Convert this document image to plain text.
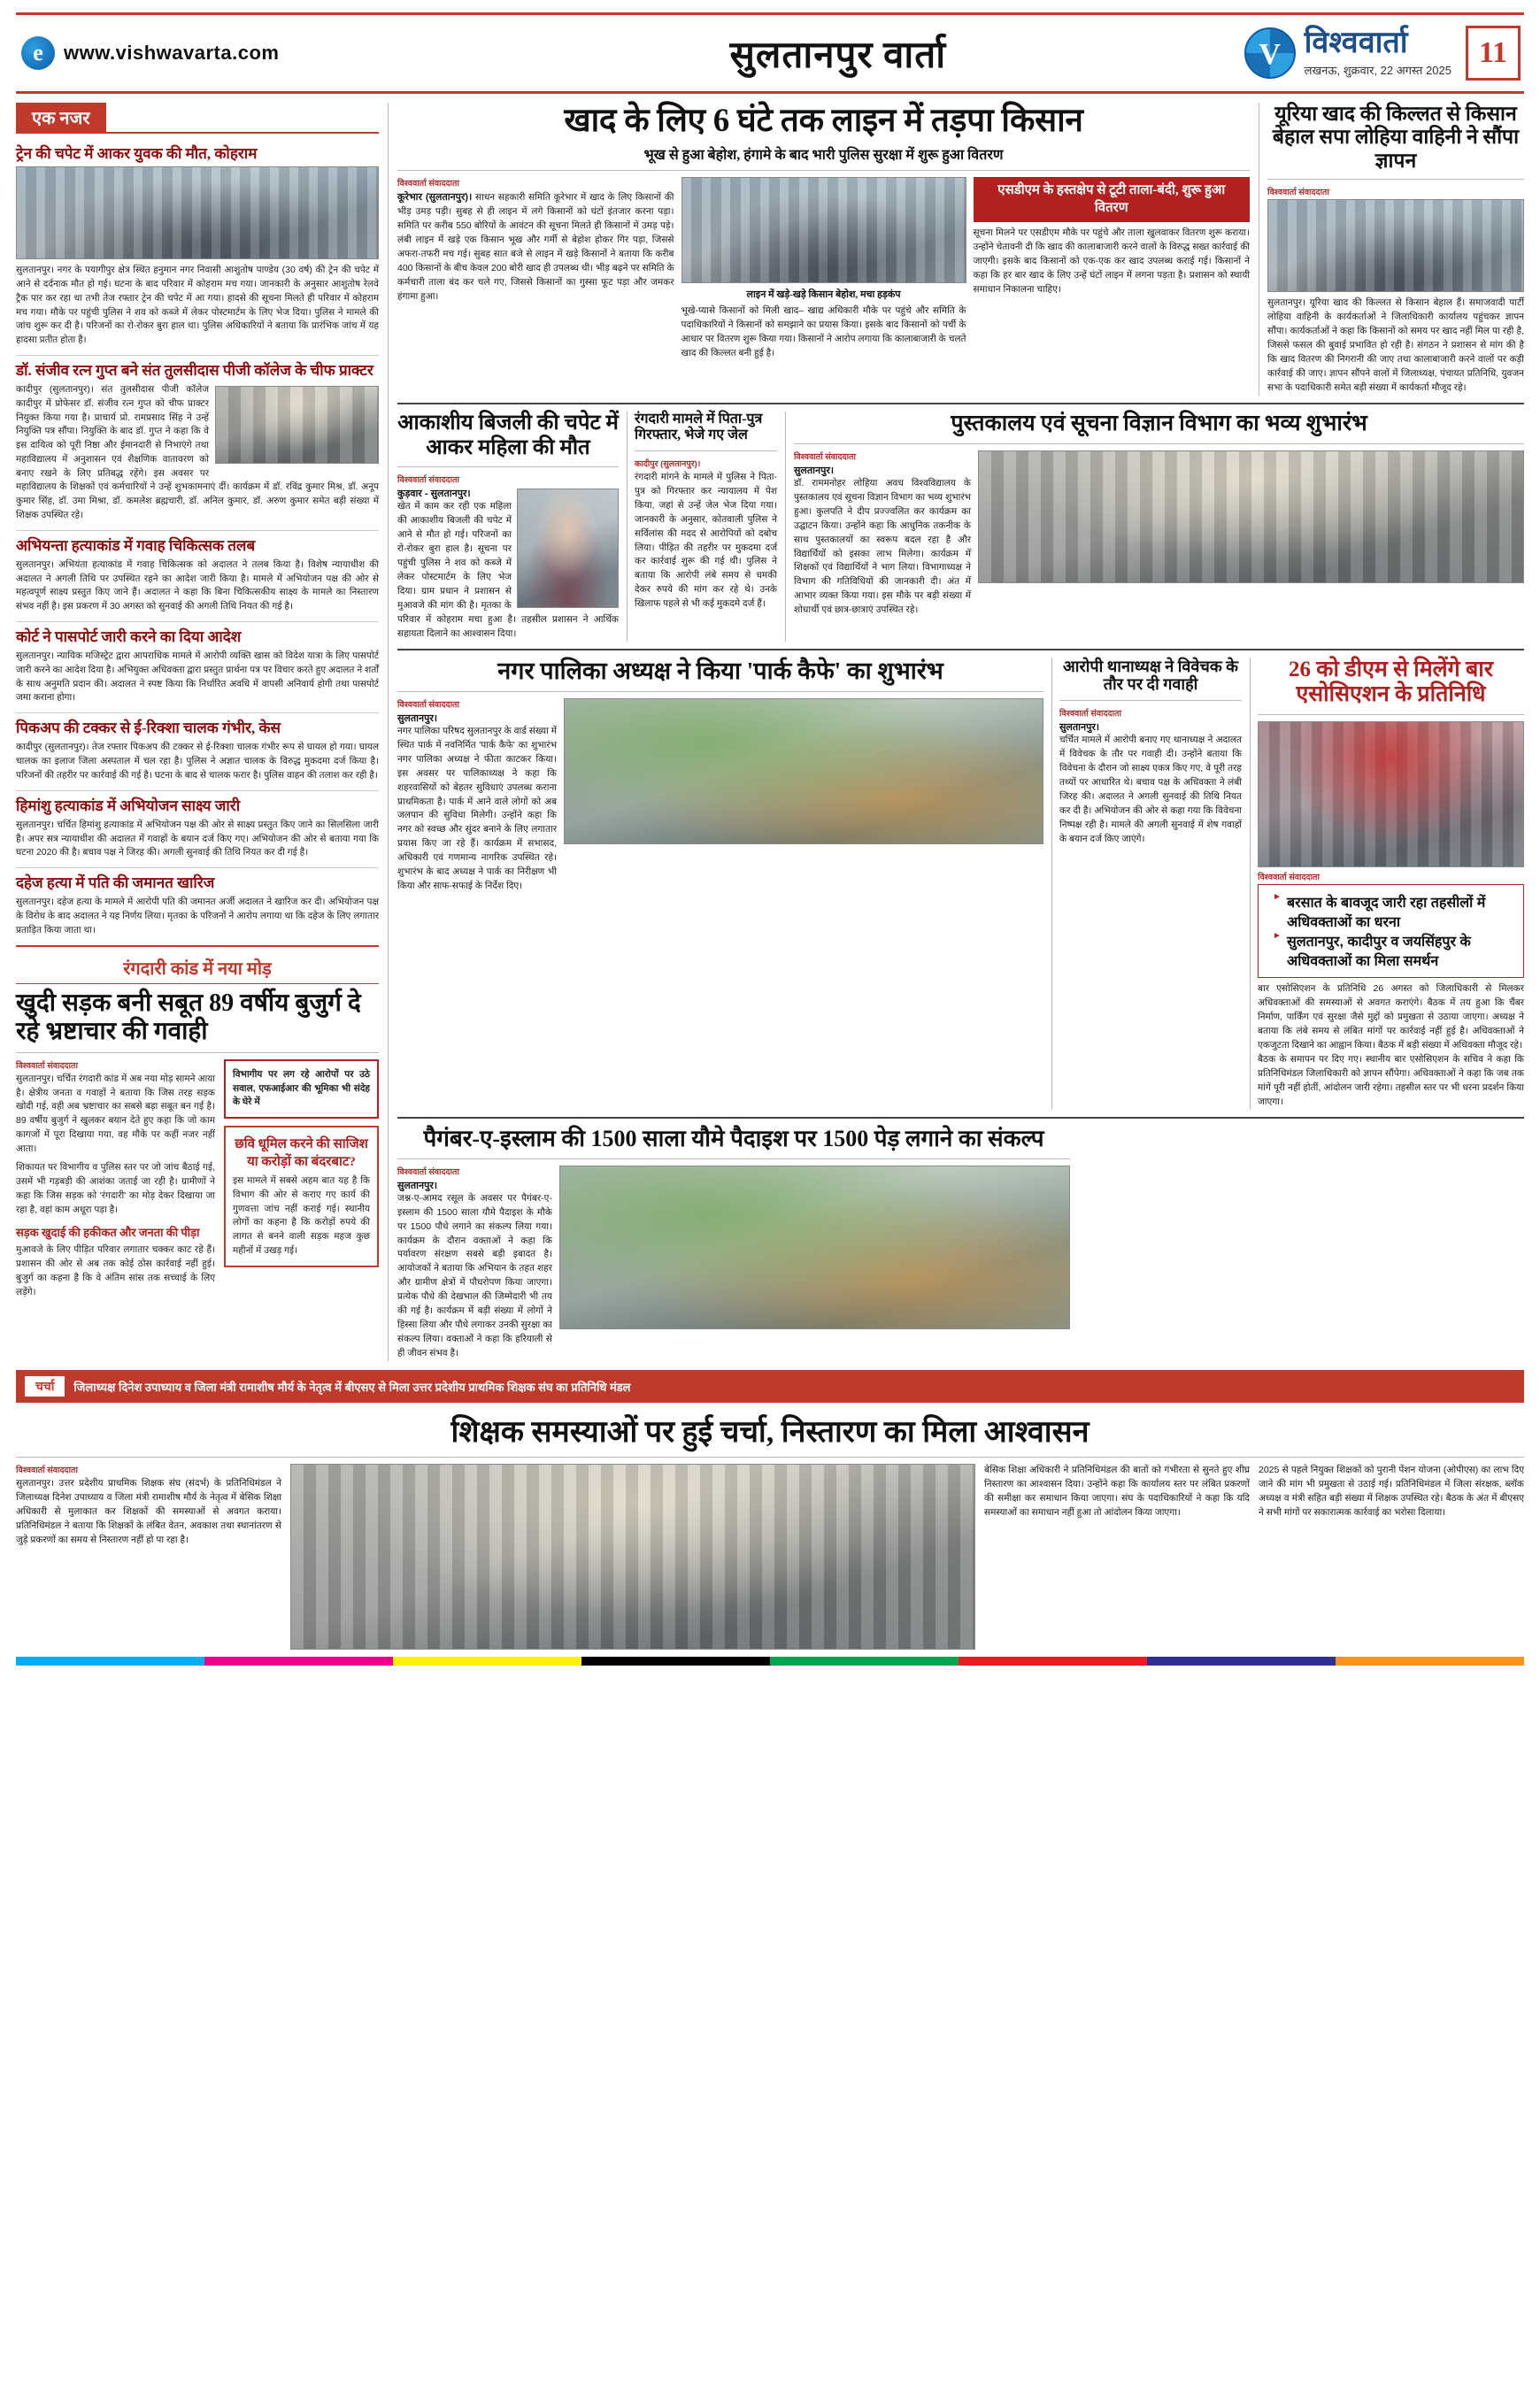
e	www.vishwavarta.com	सुलतानपुर वार्ता	V विश्ववार्ता
लखनऊ, शुक्रवार, 22 अगस्त 2025
11
एक नजर
ट्रेन की चपेट में आकर युवक की मौत, कोहराम
सुलतानपुर। नगर के पयागीपुर क्षेत्र स्थित हनुमान नगर निवासी आशुतोष पाण्डेय (30 वर्ष) की ट्रेन की चपेट में आने से दर्दनाक मौत हो गई। घटना के बाद परिवार में कोहराम मच गया। जानकारी के अनुसार आशुतोष रेलवे ट्रैक पार कर रहा था तभी तेज रफ्तार ट्रेन की चपेट में आ गया। हादसे की सूचना मिलते ही परिवार में कोहराम मच गया। मौके पर पहुंची पुलिस ने शव को कब्जे में लेकर पोस्टमार्टम के लिए भेज दिया। पुलिस ने मामले की जांच शुरू कर दी है। परिजनों का रो-रोकर बुरा हाल था। पुलिस अधिकारियों ने बताया कि प्रारंभिक जांच में यह हादसा प्रतीत होता है।
डॉ. संजीव रत्न गुप्त बने संत तुलसीदास पीजी कॉलेज के चीफ प्राक्टर
कादीपुर (सुलतानपुर)। संत तुलसीदास पीजी कॉलेज कादीपुर में प्रोफेसर डॉ. संजीव रत्न गुप्त को चीफ प्राक्टर नियुक्त किया गया है। प्राचार्य प्रो. रामप्रसाद सिंह ने उन्हें नियुक्ति पत्र सौंपा। नियुक्ति के बाद डॉ. गुप्त ने कहा कि वे इस दायित्व को पूरी निष्ठा और ईमानदारी से निभाएंगे तथा महाविद्यालय में अनुशासन एवं शैक्षणिक वातावरण को बनाए रखने के लिए प्रतिबद्ध रहेंगे। इस अवसर पर महाविद्यालय के शिक्षकों एवं कर्मचारियों ने उन्हें शुभकामनाएं दीं। कार्यक्रम में डॉ. रविंद्र कुमार मिश्र, डॉ. अनूप कुमार सिंह, डॉ. उमा मिश्रा, डॉ. कमलेश ब्रह्मचारी, डॉ. अनिल कुमार, डॉ. अरुण कुमार समेत बड़ी संख्या में शिक्षक उपस्थित रहे।
अभियन्ता हत्याकांड में गवाह चिकित्सक तलब
सुलतानपुर। अभियंता हत्याकांड में गवाह चिकित्सक को अदालत ने तलब किया है। विशेष न्यायाधीश की अदालत ने अगली तिथि पर उपस्थित रहने का आदेश जारी किया है। मामले में अभियोजन पक्ष की ओर से महत्वपूर्ण साक्ष्य प्रस्तुत किए जाने हैं। अदालत ने कहा कि बिना चिकित्सकीय साक्ष्य के मामले का निस्तारण संभव नहीं है। इस प्रकरण में 30 अगस्त को सुनवाई की अगली तिथि नियत की गई है।
कोर्ट ने पासपोर्ट जारी करने का दिया आदेश
सुलतानपुर। न्यायिक मजिस्ट्रेट द्वारा आपराधिक मामले में आरोपी व्यक्ति खास को विदेश यात्रा के लिए पासपोर्ट जारी करने का आदेश दिया है। अभियुक्त अधिवक्ता द्वारा प्रस्तुत प्रार्थना पत्र पर विचार करते हुए अदालत ने शर्तों के साथ अनुमति प्रदान की। अदालत ने स्पष्ट किया कि निर्धारित अवधि में वापसी अनिवार्य होगी तथा पासपोर्ट जमा कराना होगा।
पिकअप की टक्कर से ई-रिक्शा चालक गंभीर, केस
कादीपुर (सुलतानपुर)। तेज रफ्तार पिकअप की टक्कर से ई-रिक्शा चालक गंभीर रूप से घायल हो गया। घायल चालक का इलाज जिला अस्पताल में चल रहा है। पुलिस ने अज्ञात चालक के विरुद्ध मुकदमा दर्ज किया है। परिजनों की तहरीर पर कार्रवाई की गई है। घटना के बाद से चालक फरार है। पुलिस वाहन की तलाश कर रही है।
हिमांशु हत्याकांड में अभियोजन साक्ष्य जारी
सुलतानपुर। चर्चित हिमांशु हत्याकांड में अभियोजन पक्ष की ओर से साक्ष्य प्रस्तुत किए जाने का सिलसिला जारी है। अपर सत्र न्यायाधीश की अदालत में गवाहों के बयान दर्ज किए गए। अभियोजन की ओर से बताया गया कि घटना 2020 की है। बचाव पक्ष ने जिरह की। अगली सुनवाई की तिथि नियत कर दी गई है।
दहेज हत्या में पति की जमानत खारिज
सुलतानपुर। दहेज हत्या के मामले में आरोपी पति की जमानत अर्जी अदालत ने खारिज कर दी। अभियोजन पक्ष के विरोध के बाद अदालत ने यह निर्णय लिया। मृतका के परिजनों ने आरोप लगाया था कि दहेज के लिए लगातार प्रताड़ित किया जाता था।
रंगदारी कांड में नया मोड़
खुदी सड़क बनी सबूत 89 वर्षीय बुजुर्ग दे रहे भ्रष्टाचार की गवाही
विश्ववार्ता संवाददाता
सुलतानपुर। चर्चित रंगदारी कांड में अब नया मोड़ सामने आया है। क्षेत्रीय जनता व गवाहों ने बताया कि जिस तरह सड़क खोदी गई, वही अब भ्रष्टाचार का सबसे बड़ा सबूत बन गई है। 89 वर्षीय बुजुर्ग ने खुलकर बयान देते हुए कहा कि जो काम कागजों में पूरा दिखाया गया, वह मौके पर कहीं नजर नहीं आता।
शिकायत पर विभागीय व पुलिस स्तर पर जो जांच बैठाई गई, उसमें भी गड़बड़ी की आशंका जताई जा रही है। ग्रामीणों ने कहा कि जिस सड़क को 'रंगदारी' का मोड़ देकर दिखाया जा रहा है, वहां काम अधूरा पड़ा है।
सड़क खुदाई की हकीकत और जनता की पीड़ा
मुआवजे के लिए पीड़ित परिवार लगातार चक्कर काट रहे हैं। प्रशासन की ओर से अब तक कोई ठोस कार्रवाई नहीं हुई। बुजुर्ग का कहना है कि वे अंतिम सांस तक सच्चाई के लिए लड़ेंगे।
विभागीय पर लग रहे आरोपों पर उठे सवाल, एफआईआर की भूमिका भी संदेह के घेरे में
छवि धूमिल करने की साजिश या करोड़ों का बंदरबाट?
इस मामले में सबसे अहम बात यह है कि विभाग की ओर से कराए गए कार्य की गुणवत्ता जांच नहीं कराई गई। स्थानीय लोगों का कहना है कि करोड़ों रुपये की लागत से बनने वाली सड़क महज कुछ महीनों में उखड़ गई।
खाद के लिए 6 घंटे तक लाइन में तड़पा किसान
भूख से हुआ बेहोश, हंगामे के बाद भारी पुलिस सुरक्षा में शुरू हुआ वितरण
विश्ववार्ता संवाददाता
कूरेभार (सुलतानपुर)। साधन सहकारी समिति कूरेभार में खाद के लिए किसानों की भीड़ उमड़ पड़ी। सुबह से ही लाइन में लगे किसानों को घंटों इंतजार करना पड़ा। समिति पर करीब 550 बोरियों के आवंटन की सूचना मिलते ही किसानों में उमड़ पड़े। लंबी लाइन में खड़े एक किसान भूख और गर्मी से बेहोश होकर गिर पड़ा, जिससे अफरा-तफरी मच गई। सुबह सात बजे से लाइन में खड़े किसानों ने बताया कि करीब 400 किसानों के बीच केवल 200 बोरी खाद ही उपलब्ध थी। भीड़ बढ़ने पर समिति के कर्मचारी ताला बंद कर चले गए, जिससे किसानों का गुस्सा फूट पड़ा और जमकर हंगामा हुआ।	लाइन में खड़े-खड़े किसान बेहोश, मचा हड़कंप
भूखे-प्यासे किसानों को मिली खाद– खाद्य अधिकारी मौके पर पहुंचे और समिति के पदाधिकारियों ने किसानों को समझाने का प्रयास किया। इसके बाद किसानों को पर्ची के आधार पर वितरण शुरू किया गया। किसानों ने आरोप लगाया कि कालाबाजारी के चलते खाद की किल्लत बनी हुई है।
एसडीएम के हस्तक्षेप से टूटी ताला-बंदी, शुरू हुआ वितरण
सूचना मिलने पर एसडीएम मौके पर पहुंचे और ताला खुलवाकर वितरण शुरू कराया। उन्होंने चेतावनी दी कि खाद की कालाबाजारी करने वालों के विरुद्ध सख्त कार्रवाई की जाएगी। इसके बाद किसानों को एक-एक कर खाद उपलब्ध कराई गई। किसानों ने कहा कि हर बार खाद के लिए उन्हें घंटों लाइन में लगना पड़ता है। प्रशासन को स्थायी समाधान निकालना चाहिए।
यूरिया खाद की किल्लत से किसान बेहाल सपा लोहिया वाहिनी ने सौंपा ज्ञापन
विश्ववार्ता संवाददाता
सुलतानपुर। यूरिया खाद की किल्लत से किसान बेहाल हैं। समाजवादी पार्टी लोहिया वाहिनी के कार्यकर्ताओं ने जिलाधिकारी कार्यालय पहुंचकर ज्ञापन सौंपा। कार्यकर्ताओं ने कहा कि किसानों को समय पर खाद नहीं मिल पा रही है, जिससे फसल की बुवाई प्रभावित हो रही है। संगठन ने प्रशासन से मांग की है कि खाद वितरण की निगरानी की जाए तथा कालाबाजारी करने वालों पर कड़ी कार्रवाई की जाए। ज्ञापन सौंपने वालों में जिलाध्यक्ष, पंचायत प्रतिनिधि, युवजन सभा के पदाधिकारी समेत बड़ी संख्या में कार्यकर्ता मौजूद रहे।
आकाशीय बिजली की चपेट में आकर महिला की मौत
विश्ववार्ता संवाददाता
कुड़वार - सुलतानपुर।
खेत में काम कर रही एक महिला की आकाशीय बिजली की चपेट में आने से मौत हो गई। परिजनों का रो-रोकर बुरा हाल है। सूचना पर पहुंची पुलिस ने शव को कब्जे में लेकर पोस्टमार्टम के लिए भेज दिया। ग्राम प्रधान ने प्रशासन से मुआवजे की मांग की है। मृतका के परिवार में कोहराम मचा हुआ है। तहसील प्रशासन ने आर्थिक सहायता दिलाने का आश्वासन दिया।
रंगदारी मामले में पिता-पुत्र गिरफ्तार, भेजे गए जेल
कादीपुर (सुलतानपुर)।
रंगदारी मांगने के मामले में पुलिस ने पिता-पुत्र को गिरफ्तार कर न्यायालय में पेश किया, जहां से उन्हें जेल भेज दिया गया। जानकारी के अनुसार, कोतवाली पुलिस ने सर्विलांस की मदद से आरोपियों को दबोच लिया। पीड़ित की तहरीर पर मुकदमा दर्ज कर कार्रवाई शुरू की गई थी। पुलिस ने बताया कि आरोपी लंबे समय से धमकी देकर रुपये की मांग कर रहे थे। उनके खिलाफ पहले से भी कई मुकदमे दर्ज हैं।
पुस्तकालय एवं सूचना विज्ञान विभाग का भव्य शुभारंभ
विश्ववार्ता संवाददाता
सुलतानपुर।
डॉ. राममनोहर लोहिया अवध विश्वविद्यालय के पुस्तकालय एवं सूचना विज्ञान विभाग का भव्य शुभारंभ हुआ। कुलपति ने दीप प्रज्ज्वलित कर कार्यक्रम का उद्घाटन किया। उन्होंने कहा कि आधुनिक तकनीक के साथ पुस्तकालयों का स्वरूप बदल रहा है और विद्यार्थियों को इसका लाभ मिलेगा। कार्यक्रम में शिक्षकों एवं विद्यार्थियों ने भाग लिया। विभागाध्यक्ष ने विभाग की गतिविधियों की जानकारी दी। अंत में आभार व्यक्त किया गया। इस मौके पर बड़ी संख्या में शोधार्थी एवं छात्र-छात्राएं उपस्थित रहे।
नगर पालिका अध्यक्ष ने किया 'पार्क कैफे' का शुभारंभ
विश्ववार्ता संवाददाता
सुलतानपुर।
नगर पालिका परिषद सुलतानपुर के वार्ड संख्या में स्थित पार्क में नवनिर्मित 'पार्क कैफे' का शुभारंभ नगर पालिका अध्यक्ष ने फीता काटकर किया। इस अवसर पर पालिकाध्यक्ष ने कहा कि शहरवासियों को बेहतर सुविधाएं उपलब्ध कराना प्राथमिकता है। पार्क में आने वाले लोगों को अब जलपान की सुविधा मिलेगी। उन्होंने कहा कि नगर को स्वच्छ और सुंदर बनाने के लिए लगातार प्रयास किए जा रहे हैं। कार्यक्रम में सभासद, अधिकारी एवं गणमान्य नागरिक उपस्थित रहे। शुभारंभ के बाद अध्यक्ष ने पार्क का निरीक्षण भी किया और साफ-सफाई के निर्देश दिए।
आरोपी थानाध्यक्ष ने विवेचक के तौर पर दी गवाही
विश्ववार्ता संवाददाता
सुलतानपुर।
चर्चित मामले में आरोपी बनाए गए थानाध्यक्ष ने अदालत में विवेचक के तौर पर गवाही दी। उन्होंने बताया कि विवेचना के दौरान जो साक्ष्य एकत्र किए गए, वे पूरी तरह तथ्यों पर आधारित थे। बचाव पक्ष के अधिवक्ता ने लंबी जिरह की। अदालत ने अगली सुनवाई की तिथि नियत कर दी है। अभियोजन की ओर से कहा गया कि विवेचना निष्पक्ष रही है। मामले की अगली सुनवाई में शेष गवाहों के बयान दर्ज किए जाएंगे।
26 को डीएम से मिलेंगे बार एसोसिएशन के प्रतिनिधि
विश्ववार्ता संवाददाता
► बरसात के बावजूद जारी रहा तहसीलों में अधिवक्ताओं का धरना
► सुलतानपुर, कादीपुर व जयसिंहपुर के अधिवक्ताओं का मिला समर्थन
बार एसोसिएशन के प्रतिनिधि 26 अगस्त को जिलाधिकारी से मिलकर अधिवक्ताओं की समस्याओं से अवगत कराएंगे। बैठक में तय हुआ कि चैंबर निर्माण, पार्किंग एवं सुरक्षा जैसे मुद्दों को प्रमुखता से उठाया जाएगा। अध्यक्ष ने बताया कि लंबे समय से लंबित मांगों पर कार्रवाई नहीं हुई है। अधिवक्ताओं ने एकजुटता दिखाने का आह्वान किया। बैठक में बड़ी संख्या में अधिवक्ता मौजूद रहे।
बैठक के समापन पर दिए गए। स्थानीय बार एसोसिएशन के सचिव ने कहा कि प्रतिनिधिमंडल जिलाधिकारी को ज्ञापन सौंपेगा। अधिवक्ताओं ने कहा कि जब तक मांगें पूरी नहीं होतीं, आंदोलन जारी रहेगा। तहसील स्तर पर भी धरना प्रदर्शन किया जाएगा।
पैगंबर-ए-इस्लाम की 1500 साला यौमे पैदाइश पर 1500 पेड़ लगाने का संकल्प
विश्ववार्ता संवाददाता
सुलतानपुर।
जश्न-ए-आमद रसूल के अवसर पर पैगंबर-ए-इस्लाम की 1500 साला यौमे पैदाइश के मौके पर 1500 पौधे लगाने का संकल्प लिया गया। कार्यक्रम के दौरान वक्ताओं ने कहा कि पर्यावरण संरक्षण सबसे बड़ी इबादत है। आयोजकों ने बताया कि अभियान के तहत शहर और ग्रामीण क्षेत्रों में पौधरोपण किया जाएगा। प्रत्येक पौधे की देखभाल की जिम्मेदारी भी तय की गई है। कार्यक्रम में बड़ी संख्या में लोगों ने हिस्सा लिया और पौधे लगाकर उनकी सुरक्षा का संकल्प लिया। वक्ताओं ने कहा कि हरियाली से ही जीवन संभव है।
चर्चा	जिलाध्यक्ष दिनेश उपाध्याय व जिला मंत्री रामाशीष मौर्य के नेतृत्व में बीएसए से मिला उत्तर प्रदेशीय प्राथमिक शिक्षक संघ का प्रतिनिधि मंडल
शिक्षक समस्याओं पर हुई चर्चा, निस्तारण का मिला आश्वासन
विश्ववार्ता संवाददाता
सुलतानपुर। उत्तर प्रदेशीय प्राथमिक शिक्षक संघ (संदर्भ) के प्रतिनिधिमंडल ने जिलाध्यक्ष दिनेश उपाध्याय व जिला मंत्री रामाशीष मौर्य के नेतृत्व में बेसिक शिक्षा अधिकारी से मुलाकात कर शिक्षकों की समस्याओं से अवगत कराया। प्रतिनिधिमंडल ने बताया कि शिक्षकों के लंबित वेतन, अवकाश तथा स्थानांतरण से जुड़े प्रकरणों का समय से निस्तारण नहीं हो पा रहा है।
बेसिक शिक्षा अधिकारी ने प्रतिनिधिमंडल की बातों को गंभीरता से सुनते हुए शीघ्र निस्तारण का आश्वासन दिया। उन्होंने कहा कि कार्यालय स्तर पर लंबित प्रकरणों की समीक्षा कर समाधान किया जाएगा। संघ के पदाधिकारियों ने कहा कि यदि समस्याओं का समाधान नहीं हुआ तो आंदोलन किया जाएगा।
2025 से पहले नियुक्त शिक्षकों को पुरानी पेंशन योजना (ओपीएस) का लाभ दिए जाने की मांग भी प्रमुखता से उठाई गई। प्रतिनिधिमंडल में जिला संरक्षक, ब्लॉक अध्यक्ष व मंत्री सहित बड़ी संख्या में शिक्षक उपस्थित रहे। बैठक के अंत में बीएसए ने सभी मांगों पर सकारात्मक कार्रवाई का भरोसा दिलाया।
